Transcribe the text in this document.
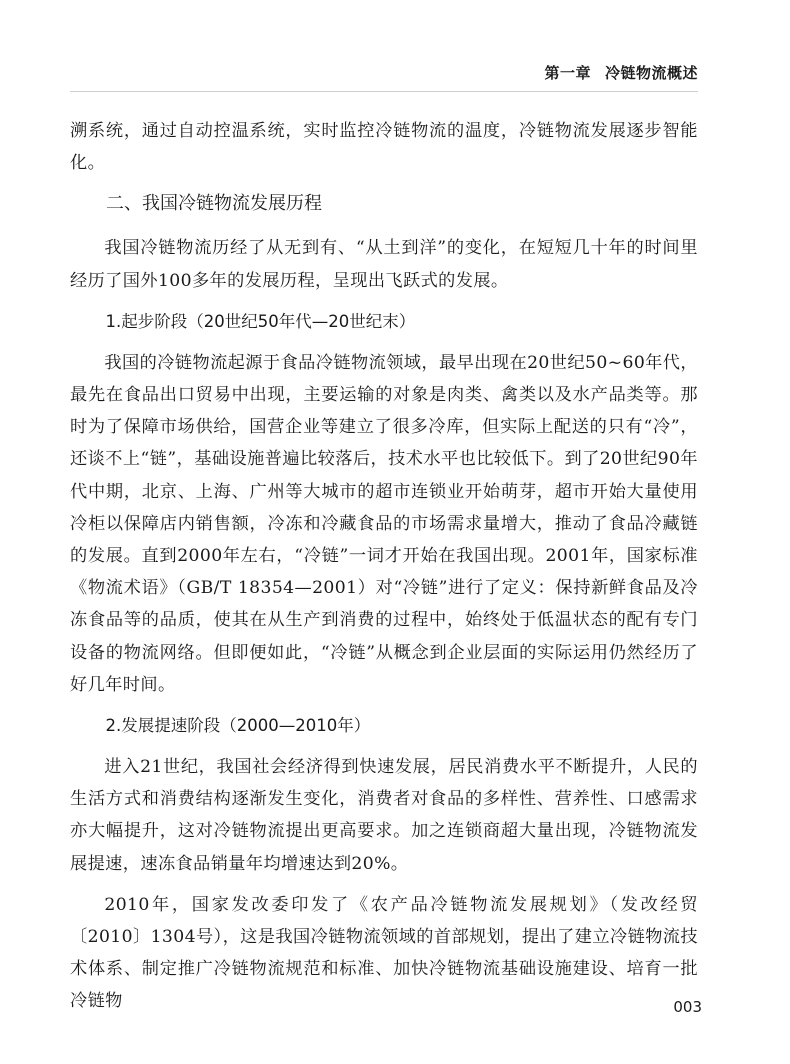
第一章 冷链物流概述

溯系统，通过自动控温系统，实时监控冷链物流的温度，冷链物流发展逐步智能化。

二、我国冷链物流发展历程

我国冷链物流历经了从无到有、“从土到洋”的变化，在短短几十年的时间里经历了国外100多年的发展历程，呈现出飞跃式的发展。

1.起步阶段（20世纪50年代—20世纪末）

我国的冷链物流起源于食品冷链物流领域，最早出现在20世纪50~60年代，最先在食品出口贸易中出现，主要运输的对象是肉类、禽类以及水产品类等。那时为了保障市场供给，国营企业等建立了很多冷库，但实际上配送的只有“冷”，还谈不上“链”，基础设施普遍比较落后，技术水平也比较低下。到了20世纪90年代中期，北京、上海、广州等大城市的超市连锁业开始萌芽，超市开始大量使用冷柜以保障店内销售额，冷冻和冷藏食品的市场需求量增大，推动了食品冷藏链的发展。直到2000年左右，“冷链”一词才开始在我国出现。2001年，国家标准《物流术语》（GB/T 18354—2001）对“冷链”进行了定义：保持新鲜食品及冷冻食品等的品质，使其在从生产到消费的过程中，始终处于低温状态的配有专门设备的物流网络。但即便如此，“冷链”从概念到企业层面的实际运用仍然经历了好几年时间。

2.发展提速阶段（2000—2010年）

进入21世纪，我国社会经济得到快速发展，居民消费水平不断提升，人民的生活方式和消费结构逐渐发生变化，消费者对食品的多样性、营养性、口感需求亦大幅提升，这对冷链物流提出更高要求。加之连锁商超大量出现，冷链物流发展提速，速冻食品销量年均增速达到20%。

2010年，国家发改委印发了《农产品冷链物流发展规划》（发改经贸〔2010〕1304号），这是我国冷链物流领域的首部规划，提出了建立冷链物流技术体系、制定推广冷链物流规范和标准、加快冷链物流基础设施建设、培育一批冷链物	003
